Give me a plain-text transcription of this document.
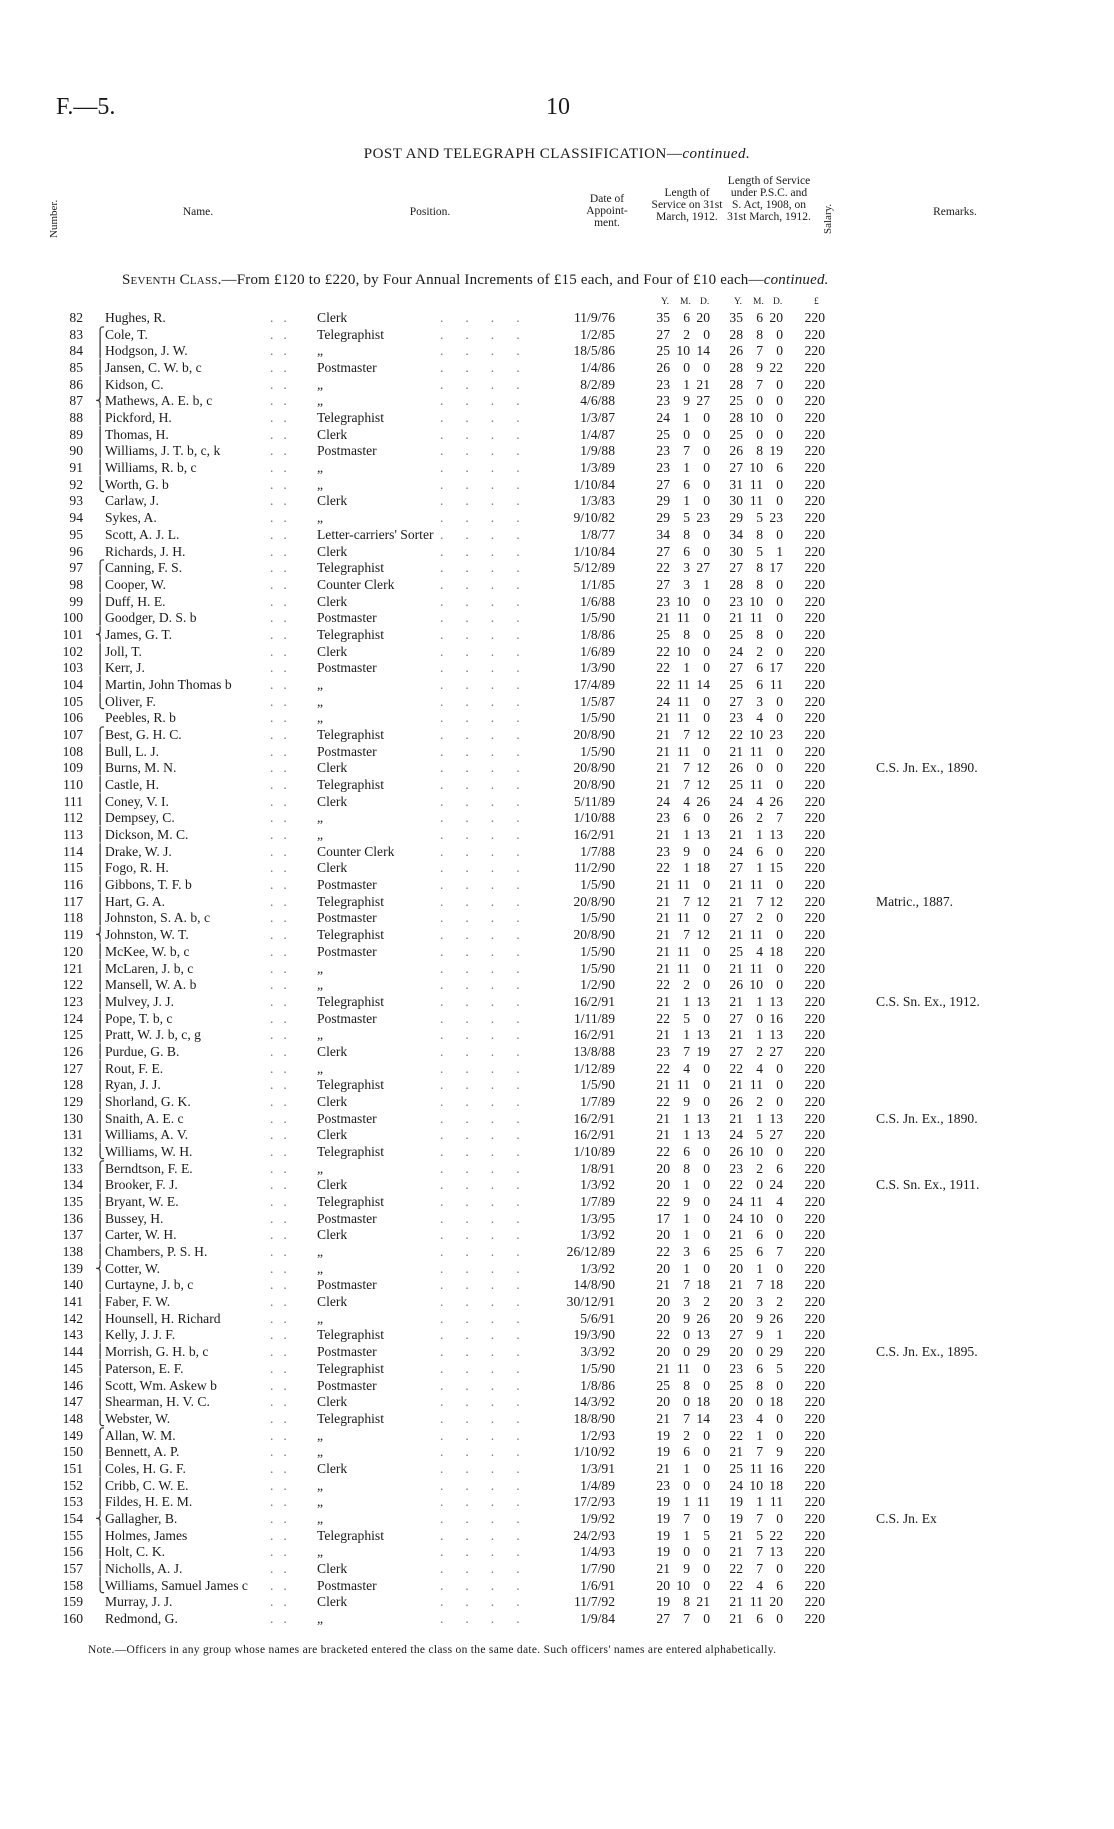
F.—5.	10
POST AND TELEGRAPH CLASSIFICATION—continued.
Number.	Name.	Position.
Date of Appoint-ment.
Length of Service on 31st March, 1912.
Length of Service under P.S.C. and S. Act, 1908, on 31st March, 1912. Salary.	Remarks.
Seventh Class.—From £120 to £220, by Four Annual Increments of £15 each, and Four of £10 each—continued.
Y. M. D.	Y. M. D.	£
82 Hughes, R.	Clerk	11/9/76	35 6 20	35 6 20	220
..	....
83 ⎧ Cole, T.	Telegraphist	1/2/85	27 2 0	28 8 0	220
..	....
84 ⎪ Hodgson, J. W.	„	18/5/86	25 10 14	26 7 0	220
..	....
85 ⎪ Jansen, C. W. b, c	Postmaster	1/4/86	26 0 0	28 9 22	220
..	....
86 ⎪ Kidson, C.	„	8/2/89	23 1 21	28 7 0	220
..	....
87 ⎨ Mathews, A. E. b, c	„	4/6/88	23 9 27	25 0 0	220
..	....
88 ⎪ Pickford, H.	Telegraphist	1/3/87	24 1 0	28 10 0	220
..	....
89 ⎪ Thomas, H.	Clerk	1/4/87	25 0 0	25 0 0	220
..	....
90 ⎪ Williams, J. T. b, c, k	Postmaster	1/9/88	23 7 0	26 8 19	220
..	....
91 ⎪ Williams, R. b, c	„	1/3/89	23 1 0	27 10 6	220
..	....
92 ⎩ Worth, G. b	„	1/10/84	27 6 0	31 11 0	220
..	....
93 Carlaw, J.	Clerk	1/3/83	29 1 0	30 11 0	220
..	....
94 Sykes, A.	„	9/10/82	29 5 23	29 5 23	220
..	....
95 Scott, A. J. L.	Letter-carriers' Sorter	1/8/77	34 8 0	34 8 0	220
..	....
96 Richards, J. H.	Clerk	1/10/84	27 6 0	30 5 1	220
..	....
97 ⎧ Canning, F. S.	Telegraphist	5/12/89	22 3 27	27 8 17	220
..	....
98 ⎪ Cooper, W.	Counter Clerk	1/1/85	27 3 1	28 8 0	220
..	....
99 ⎪ Duff, H. E.	Clerk	1/6/88	23 10 0	23 10 0	220
..	....
100 ⎪ Goodger, D. S. b	Postmaster	1/5/90	21 11 0	21 11 0	220
..	....
101 ⎨ James, G. T.	Telegraphist	1/8/86	25 8 0	25 8 0	220
..	....
102 ⎪ Joll, T.	Clerk	1/6/89	22 10 0	24 2 0	220
..	....
103 ⎪ Kerr, J.	Postmaster	1/3/90	22 1 0	27 6 17	220
..	....
104 ⎪ Martin, John Thomas b	„	17/4/89	22 11 14	25 6 11	220
..	....
105 ⎩ Oliver, F.	„	1/5/87	24 11 0	27 3 0	220
..	....
106 Peebles, R. b	„	1/5/90	21 11 0	23 4 0	220
..	....
107 ⎧ Best, G. H. C.	Telegraphist	20/8/90	21 7 12	22 10 23	220
..	....
108 ⎪ Bull, L. J.	Postmaster	1/5/90	21 11 0	21 11 0	220
..	....
109 ⎪ Burns, M. N.	Clerk	20/8/90	21 7 12	26 0 0	220	C.S. Jn. Ex., 1890.
..	....
110 ⎪ Castle, H.	Telegraphist	20/8/90	21 7 12	25 11 0	220
..	....
111 ⎪ Coney, V. I.	Clerk	5/11/89	24 4 26	24 4 26	220
..	....
112 ⎪ Dempsey, C.	„	1/10/88	23 6 0	26 2 7	220
..	....
113 ⎪ Dickson, M. C.	„	16/2/91	21 1 13	21 1 13	220
..	....
114 ⎪ Drake, W. J.	Counter Clerk	1/7/88	23 9 0	24 6 0	220
..	....
115 ⎪ Fogo, R. H.	Clerk	11/2/90	22 1 18	27 1 15	220
..	....
116 ⎪ Gibbons, T. F. b	Postmaster	1/5/90	21 11 0	21 11 0	220
..	....
117 ⎪ Hart, G. A.	Telegraphist	20/8/90	21 7 12	21 7 12	220	Matric., 1887.
..	....
118 ⎪ Johnston, S. A. b, c	Postmaster	1/5/90	21 11 0	27 2 0	220
..	....
119 ⎨ Johnston, W. T.	Telegraphist	20/8/90	21 7 12	21 11 0	220
..	....
120 ⎪ McKee, W. b, c	Postmaster	1/5/90	21 11 0	25 4 18	220
..	....
121 ⎪ McLaren, J. b, c	„	1/5/90	21 11 0	21 11 0	220
..	....
122 ⎪ Mansell, W. A. b	„	1/2/90	22 2 0	26 10 0	220
..	....
123 ⎪ Mulvey, J. J.	Telegraphist	16/2/91	21 1 13	21 1 13	220	C.S. Sn. Ex., 1912.
..	....
124 ⎪ Pope, T. b, c	Postmaster	1/11/89	22 5 0	27 0 16	220
..	....
125 ⎪ Pratt, W. J. b, c, g	„	16/2/91	21 1 13	21 1 13	220
..	....
126 ⎪ Purdue, G. B.	Clerk	13/8/88	23 7 19	27 2 27	220
..	....
127 ⎪ Rout, F. E.	„	1/12/89	22 4 0	22 4 0	220
..	....
128 ⎪ Ryan, J. J.	Telegraphist	1/5/90	21 11 0	21 11 0	220
..	....
129 ⎪ Shorland, G. K.	Clerk	1/7/89	22 9 0	26 2 0	220
..	....
130 ⎪ Snaith, A. E. c	Postmaster	16/2/91	21 1 13	21 1 13	220	C.S. Jn. Ex., 1890.
..	....
131 ⎪ Williams, A. V.	Clerk	16/2/91	21 1 13	24 5 27	220
..	....
132 ⎩ Williams, W. H.	Telegraphist	1/10/89	22 6 0	26 10 0	220
..	....
133 ⎧ Berndtson, F. E.	„	1/8/91	20 8 0	23 2 6	220
..	....
134 ⎪ Brooker, F. J.	Clerk	1/3/92	20 1 0	22 0 24	220	C.S. Sn. Ex., 1911.
..	....
135 ⎪ Bryant, W. E.	Telegraphist	1/7/89	22 9 0	24 11 4	220
..	....
136 ⎪ Bussey, H.	Postmaster	1/3/95	17 1 0	24 10 0	220
..	....
137 ⎪ Carter, W. H.	Clerk	1/3/92	20 1 0	21 6 0	220
..	....
138 ⎪ Chambers, P. S. H.	„	26/12/89	22 3 6	25 6 7	220
..	....
139 ⎨ Cotter, W.	„	1/3/92	20 1 0	20 1 0	220
..	....
140 ⎪ Curtayne, J. b, c	Postmaster	14/8/90	21 7 18	21 7 18	220
..	....
141 ⎪ Faber, F. W.	Clerk	30/12/91	20 3 2	20 3 2	220
..	....
142 ⎪ Hounsell, H. Richard	„	5/6/91	20 9 26	20 9 26	220
..	....
143 ⎪ Kelly, J. J. F.	Telegraphist	19/3/90	22 0 13	27 9 1	220
..	....
144 ⎪ Morrish, G. H. b, c	Postmaster	3/3/92	20 0 29	20 0 29	220	C.S. Jn. Ex., 1895.
..	....
145 ⎪ Paterson, E. F.	Telegraphist	1/5/90	21 11 0	23 6 5	220
..	....
146 ⎪ Scott, Wm. Askew b	Postmaster	1/8/86	25 8 0	25 8 0	220
..	....
147 ⎪ Shearman, H. V. C.	Clerk	14/3/92	20 0 18	20 0 18	220
..	....
148 ⎩ Webster, W.	Telegraphist	18/8/90	21 7 14	23 4 0	220
..	....
149 ⎧ Allan, W. M.	„	1/2/93	19 2 0	22 1 0	220
..	....
150 ⎪ Bennett, A. P.	„	1/10/92	19 6 0	21 7 9	220
..	....
151 ⎪ Coles, H. G. F.	Clerk	1/3/91	21 1 0	25 11 16	220
..	....
152 ⎪ Cribb, C. W. E.	„	1/4/89	23 0 0	24 10 18	220
..	....
153 ⎪ Fildes, H. E. M.	„	17/2/93	19 1 11	19 1 11	220
..	....
154 ⎨ Gallagher, B.	„	1/9/92	19 7 0	19 7 0	220	C.S. Jn. Ex
..	....
155 ⎪ Holmes, James	Telegraphist	24/2/93	19 1 5	21 5 22	220
..	....
156 ⎪ Holt, C. K.	„	1/4/93	19 0 0	21 7 13	220
..	....
157 ⎪ Nicholls, A. J.	Clerk	1/7/90	21 9 0	22 7 0	220
..	....
158 ⎩ Williams, Samuel James c	Postmaster	1/6/91	20 10 0	22 4 6	220
..	....
159 Murray, J. J.	Clerk	11/7/92	19 8 21	21 11 20	220
..	....
160 Redmond, G.	„	1/9/84	27 7 0	21 6 0	220
..	....
Note.—Officers in any group whose names are bracketed entered the class on the same date. Such officers' names are entered alphabetically.
